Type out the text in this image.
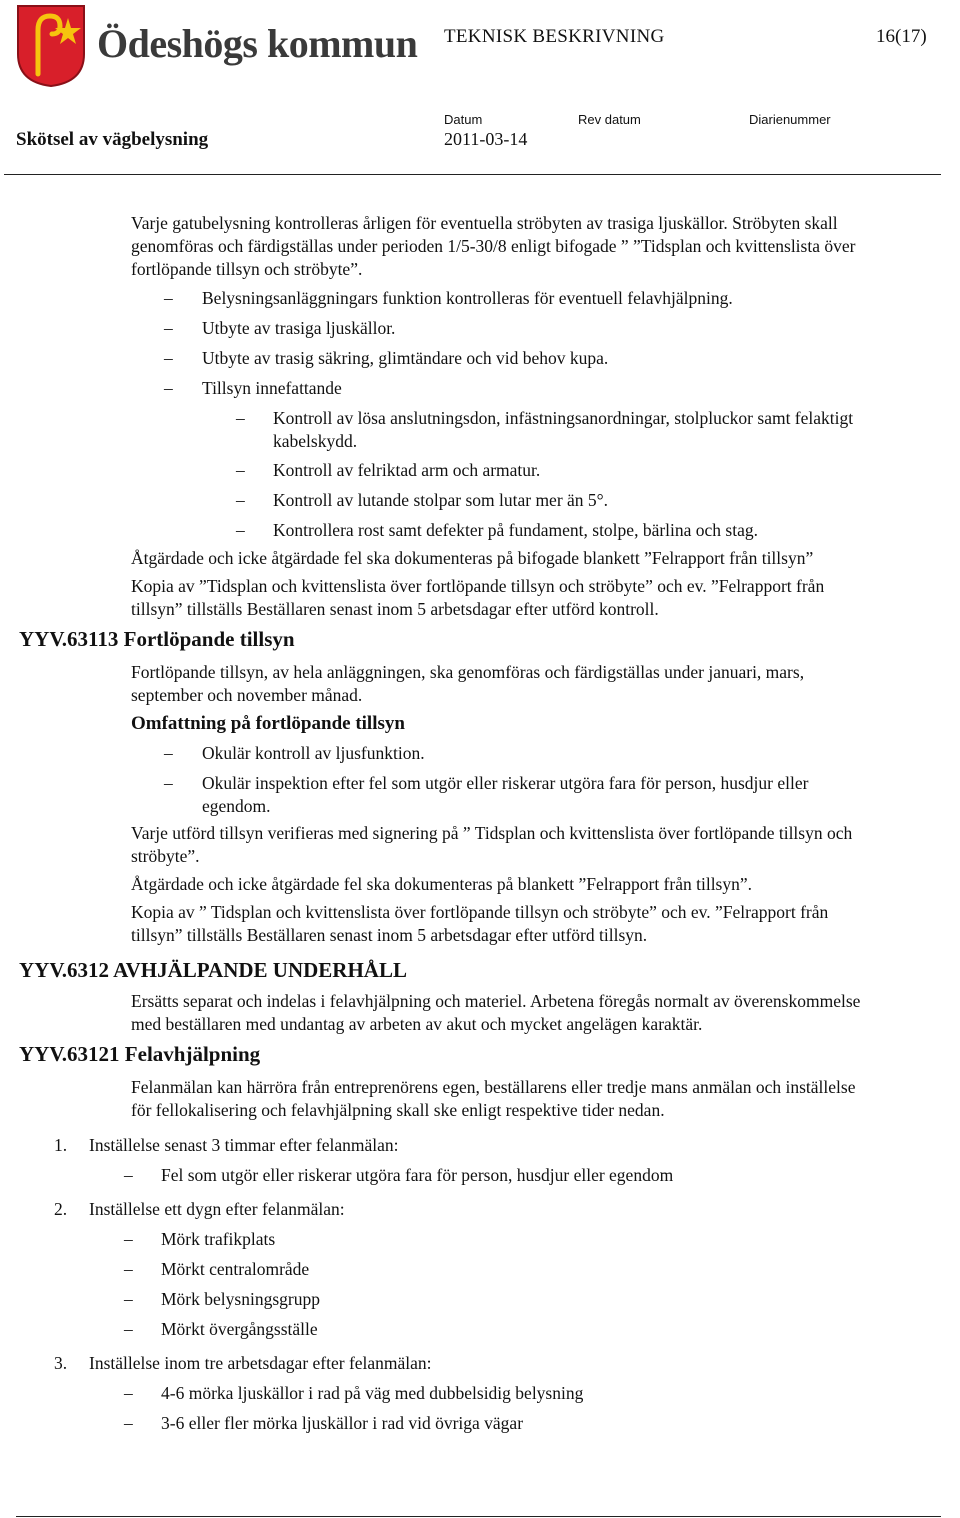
Ödeshögs kommun TEKNISK BESKRIVNING	16(17)
Skötsel av vägbelysning
Datum	Rev datum	Diarienummer
2011-03-14
Varje gatubelysning kontrolleras årligen för eventuella ströbyten av trasiga ljuskällor. Ströbyten skall
genomföras och färdigställas under perioden 1/5-30/8 enligt bifogade ” ”Tidsplan och kvittenslista över
fortlöpande tillsyn och ströbyte”.
– Belysningsanläggningars funktion kontrolleras för eventuell felavhjälpning.
– Utbyte av trasiga ljuskällor.
– Utbyte av trasig säkring, glimtändare och vid behov kupa.
– Tillsyn innefattande
– Kontroll av lösa anslutningsdon, infästningsanordningar, stolpluckor samt felaktigt
kabelskydd.
– Kontroll av felriktad arm och armatur.
– Kontroll av lutande stolpar som lutar mer än 5°.
– Kontrollera rost samt defekter på fundament, stolpe, bärlina och stag.
Åtgärdade och icke åtgärdade fel ska dokumenteras på bifogade blankett ”Felrapport från tillsyn”
Kopia av ”Tidsplan och kvittenslista över fortlöpande tillsyn och ströbyte” och ev. ”Felrapport från
tillsyn” tillställs Beställaren senast inom 5 arbetsdagar efter utförd kontroll.
YYV.63113 Fortlöpande tillsyn
Fortlöpande tillsyn, av hela anläggningen, ska genomföras och färdigställas under januari, mars,
september och november månad.
Omfattning på fortlöpande tillsyn
– Okulär kontroll av ljusfunktion.
– Okulär inspektion efter fel som utgör eller riskerar utgöra fara för person, husdjur eller
egendom.
Varje utförd tillsyn verifieras med signering på ” Tidsplan och kvittenslista över fortlöpande tillsyn och
ströbyte”.
Åtgärdade och icke åtgärdade fel ska dokumenteras på blankett ”Felrapport från tillsyn”.
Kopia av ” Tidsplan och kvittenslista över fortlöpande tillsyn och ströbyte” och ev. ”Felrapport från
tillsyn” tillställs Beställaren senast inom 5 arbetsdagar efter utförd tillsyn.
YYV.6312 AVHJÄLPANDE UNDERHÅLL
Ersätts separat och indelas i felavhjälpning och materiel. Arbetena föregås normalt av överenskommelse
med beställaren med undantag av arbeten av akut och mycket angelägen karaktär.
YYV.63121 Felavhjälpning
Felanmälan kan härröra från entreprenörens egen, beställarens eller tredje mans anmälan och inställelse
för fellokalisering och felavhjälpning skall ske enligt respektive tider nedan.
1. Inställelse senast 3 timmar efter felanmälan:
– Fel som utgör eller riskerar utgöra fara för person, husdjur eller egendom
2. Inställelse ett dygn efter felanmälan:
– Mörk trafikplats
– Mörkt centralområde
– Mörk belysningsgrupp
– Mörkt övergångsställe
3. Inställelse inom tre arbetsdagar efter felanmälan:
– 4-6 mörka ljuskällor i rad på väg med dubbelsidig belysning
– 3-6 eller fler mörka ljuskällor i rad vid övriga vägar
